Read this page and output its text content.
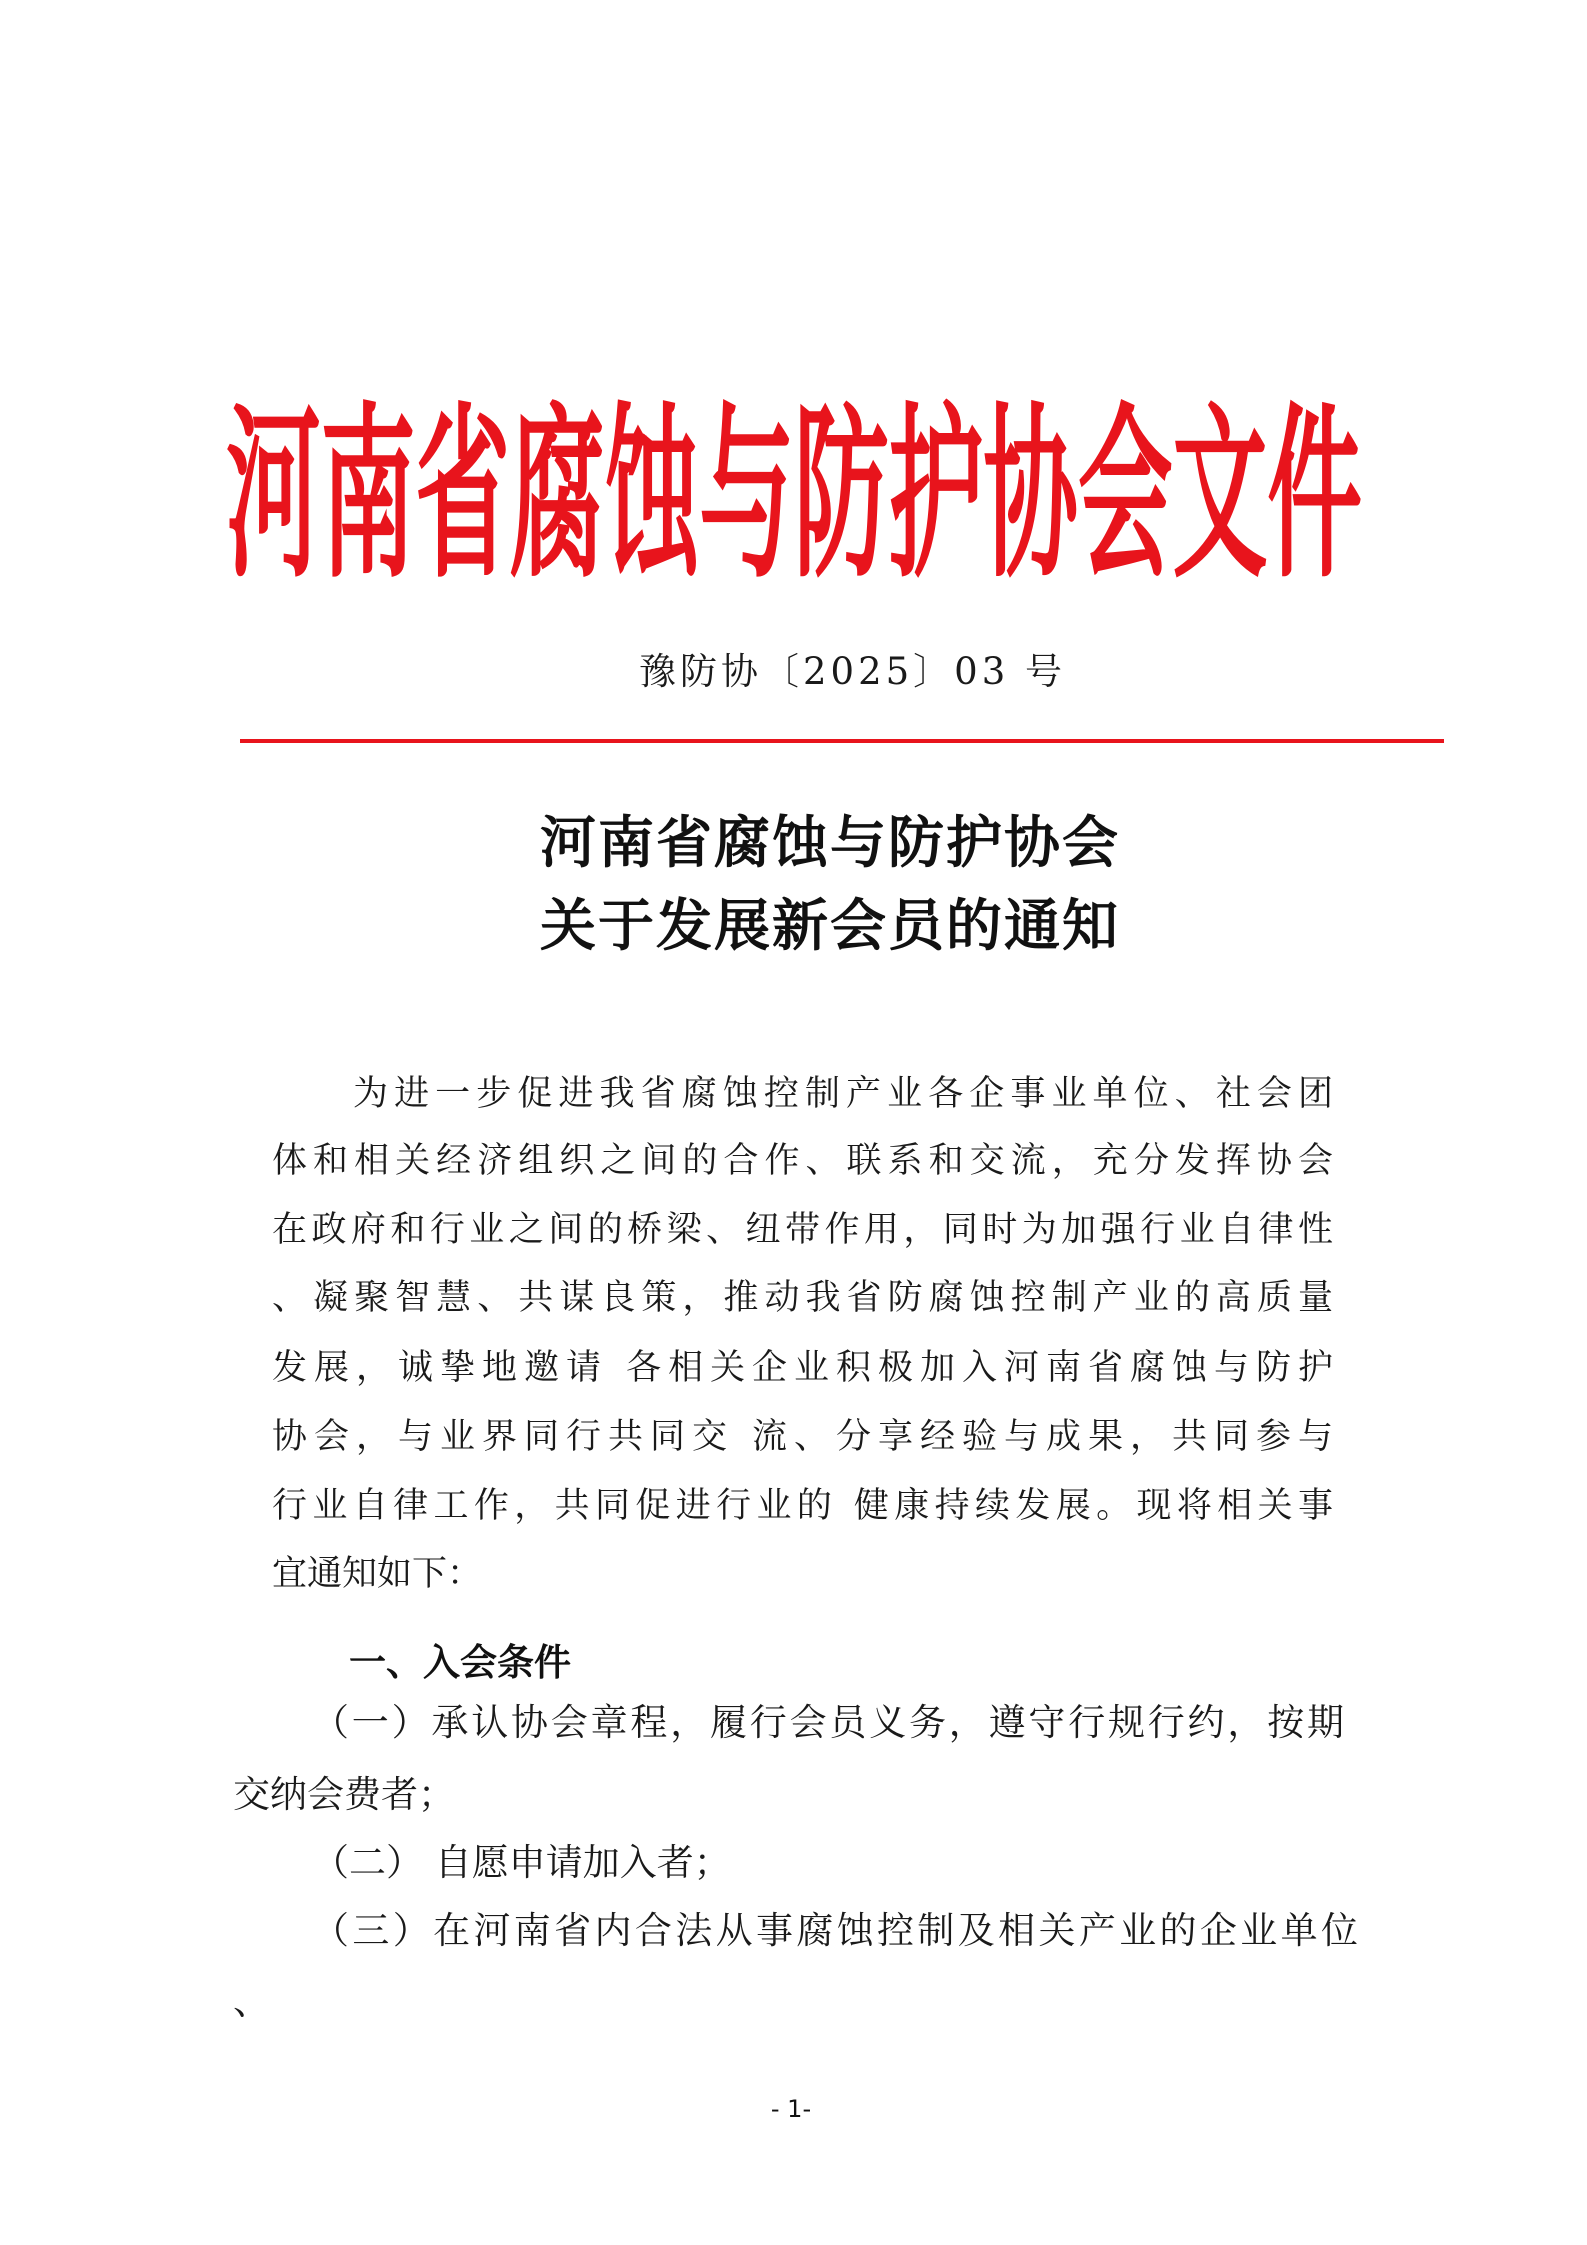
河南省腐蚀与防护协会文件
豫防协〔2025〕03 号
河南省腐蚀与防护协会
关于发展新会员的通知
为进一步促进我省腐蚀控制产业各企事业单位、社会团
体和相关经济组织之间的合作、联系和交流，充分发挥协会
在政府和行业之间的桥梁、纽带作用，同时为加强行业自律性
、凝聚智慧、共谋良策，推动我省防腐蚀控制产业的高质量
发展，诚挚地邀请 各相关企业积极加入河南省腐蚀与防护
协会，与业界同行共同交 流、分享经验与成果，共同参与
行业自律工作，共同促进行业的 健康持续发展。现将相关事
宜通知如下：
一、入会条件
（一）承认协会章程，履行会员义务，遵守行规行约，按期
交纳会费者；
（二） 自愿申请加入者；
（三）在河南省内合法从事腐蚀控制及相关产业的企业单位
、
- 1-
